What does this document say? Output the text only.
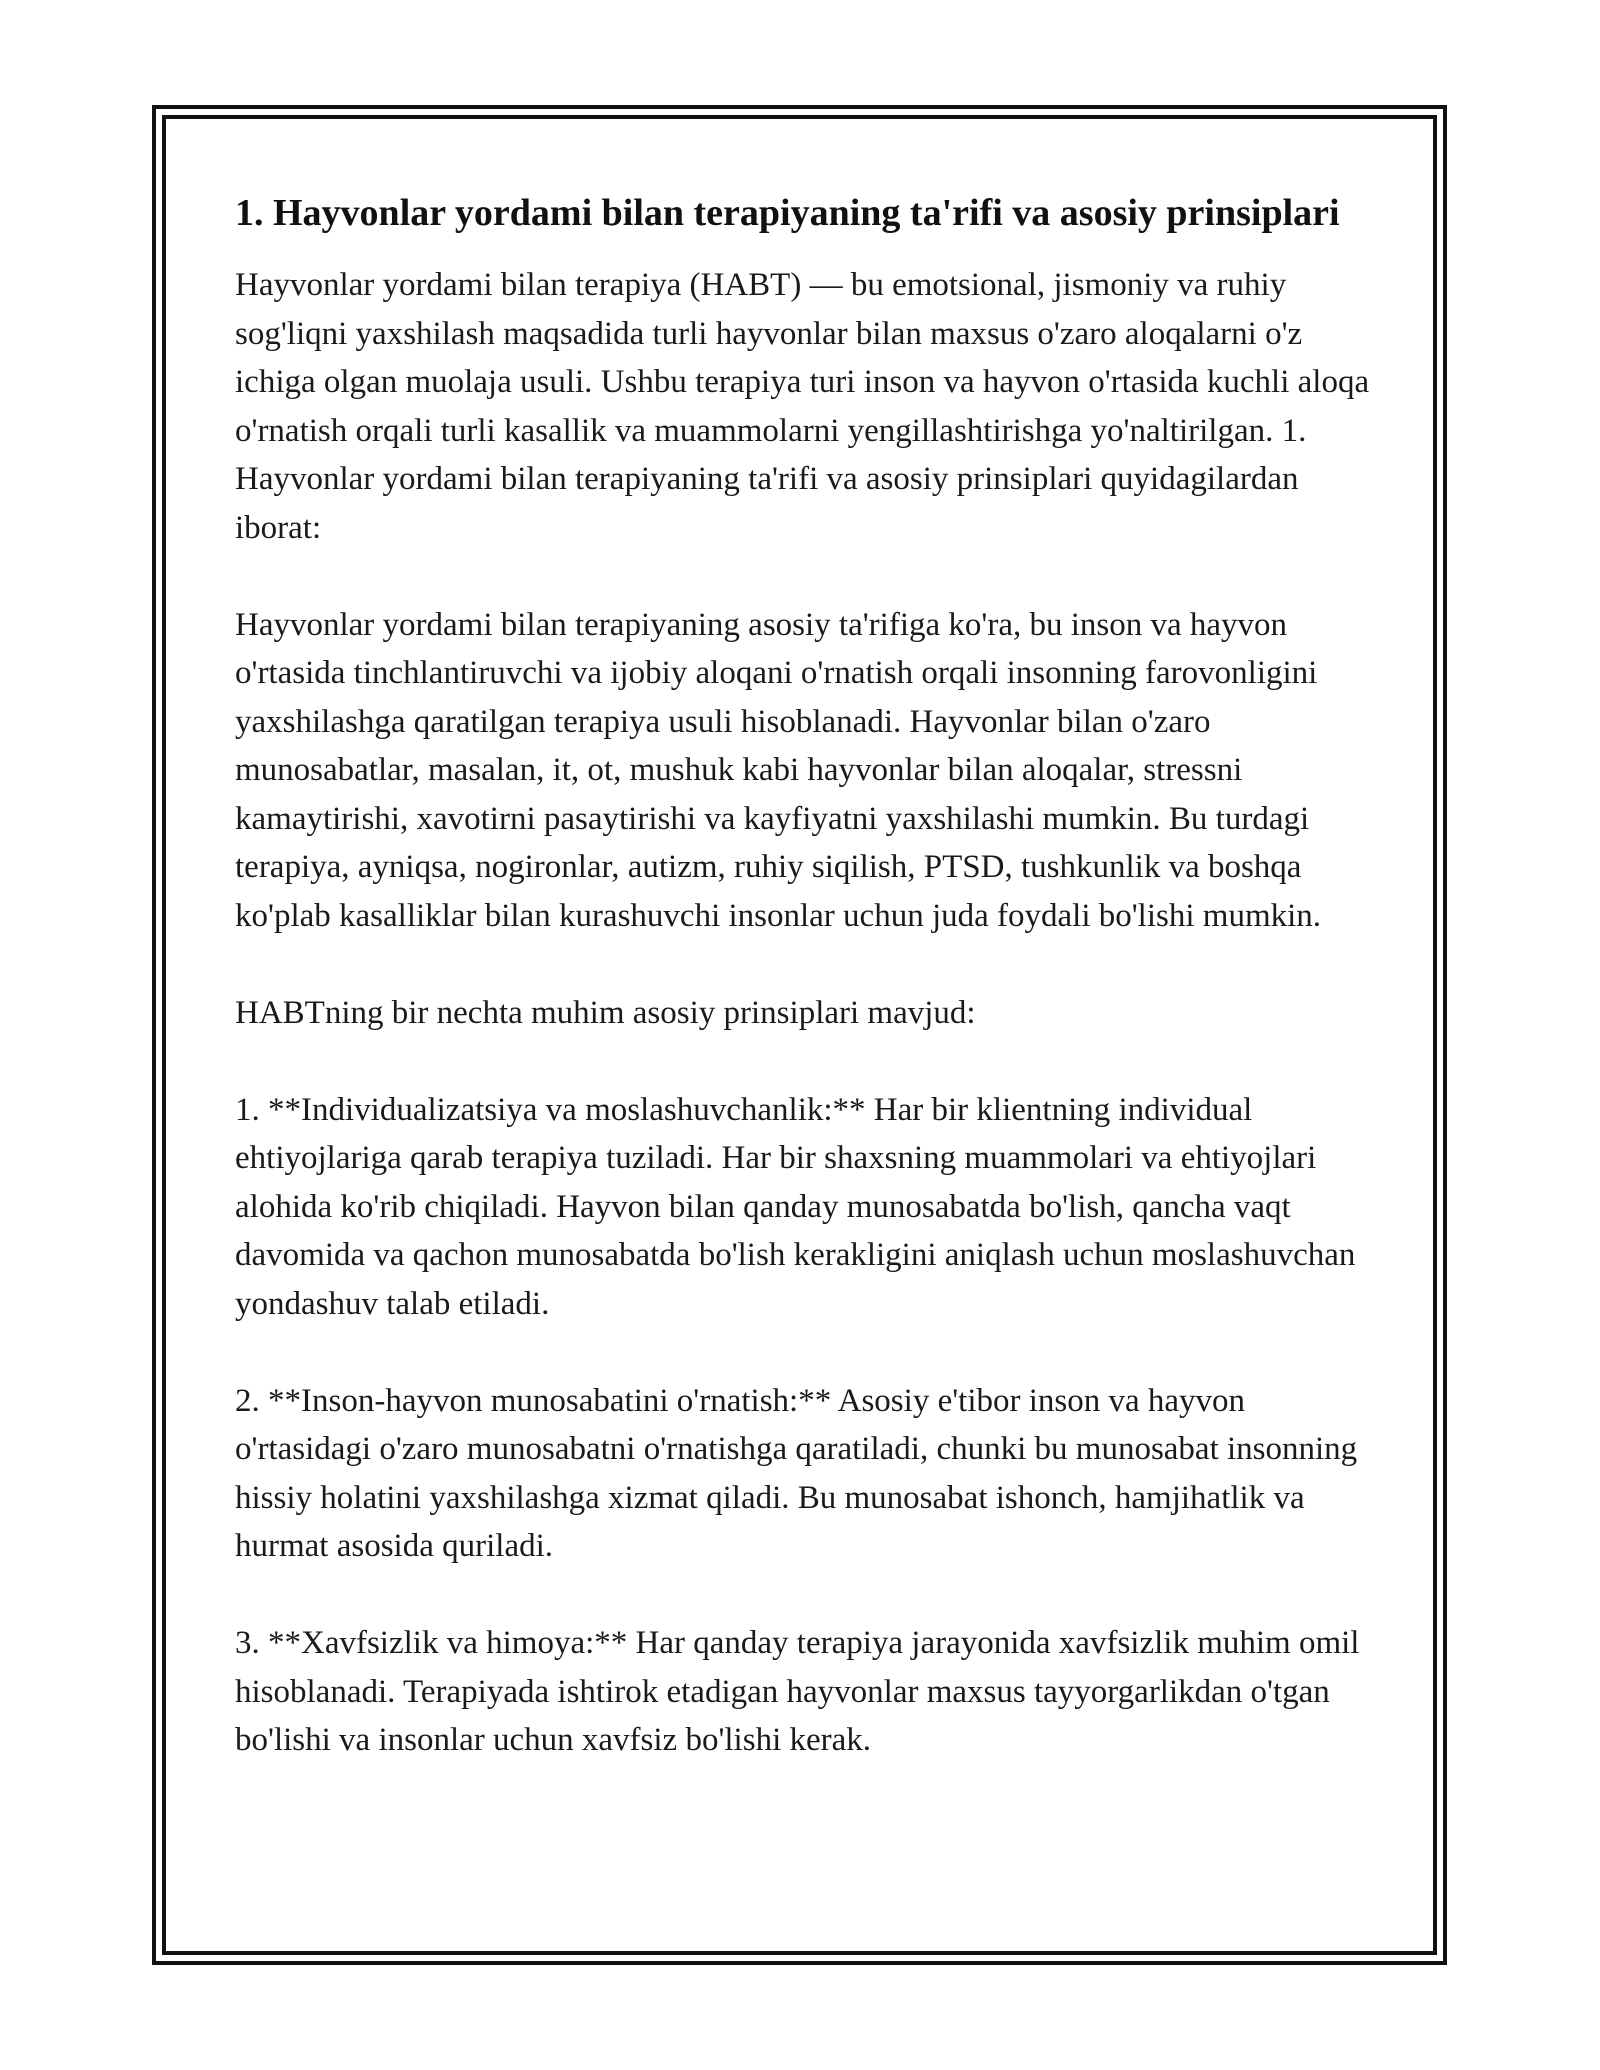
1. Hayvonlar yordami bilan terapiyaning ta'rifi va asosiy prinsiplari

Hayvonlar yordami bilan terapiya (HABT) — bu emotsional, jismoniy va ruhiy sog'liqni yaxshilash maqsadida turli hayvonlar bilan maxsus o'zaro aloqalarni o'z ichiga olgan muolaja usuli. Ushbu terapiya turi inson va hayvon o'rtasida kuchli aloqa o'rnatish orqali turli kasallik va muammolarni yengillashtirishga yo'naltirilgan. 1. Hayvonlar yordami bilan terapiyaning ta'rifi va asosiy prinsiplari quyidagilardan iborat:

Hayvonlar yordami bilan terapiyaning asosiy ta'rifiga ko'ra, bu inson va hayvon o'rtasida tinchlantiruvchi va ijobiy aloqani o'rnatish orqali insonning farovonligini yaxshilashga qaratilgan terapiya usuli hisoblanadi. Hayvonlar bilan o'zaro munosabatlar, masalan, it, ot, mushuk kabi hayvonlar bilan aloqalar, stressni kamaytirishi, xavotirni pasaytirishi va kayfiyatni yaxshilashi mumkin. Bu turdagi terapiya, ayniqsa, nogironlar, autizm, ruhiy siqilish, PTSD, tushkunlik va boshqa ko'plab kasalliklar bilan kurashuvchi insonlar uchun juda foydali bo'lishi mumkin.

HABTning bir nechta muhim asosiy prinsiplari mavjud:

1. **Individualizatsiya va moslashuvchanlik:** Har bir klientning individual ehtiyojlariga qarab terapiya tuziladi. Har bir shaxsning muammolari va ehtiyojlari alohida ko'rib chiqiladi. Hayvon bilan qanday munosabatda bo'lish, qancha vaqt davomida va qachon munosabatda bo'lish kerakligini aniqlash uchun moslashuvchan yondashuv talab etiladi.

2. **Inson-hayvon munosabatini o'rnatish:** Asosiy e'tibor inson va hayvon o'rtasidagi o'zaro munosabatni o'rnatishga qaratiladi, chunki bu munosabat insonning hissiy holatini yaxshilashga xizmat qiladi. Bu munosabat ishonch, hamjihatlik va hurmat asosida quriladi.

3. **Xavfsizlik va himoya:** Har qanday terapiya jarayonida xavfsizlik muhim omil hisoblanadi. Terapiyada ishtirok etadigan hayvonlar maxsus tayyorgarlikdan o'tgan bo'lishi va insonlar uchun xavfsiz bo'lishi kerak.
